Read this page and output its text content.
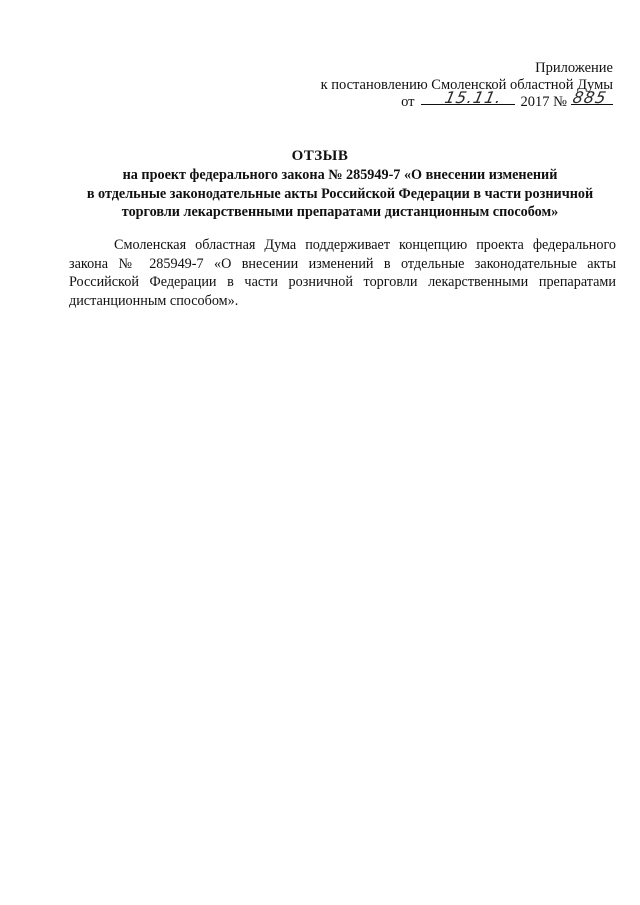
Приложение
к постановлению Смоленской областной Думы
от 15.11. 2017 № 885
ОТЗЫВ
на проект федерального закона № 285949-7 «О внесении изменений
в отдельные законодательные акты Российской Федерации в части розничной
торговли лекарственными препаратами дистанционным способом»
Смоленская областная Дума поддерживает концепцию проекта федерального
закона № 285949-7 «О внесении изменений в отдельные законодательные акты
Российской Федерации в части розничной торговли лекарственными препаратами
дистанционным способом».
